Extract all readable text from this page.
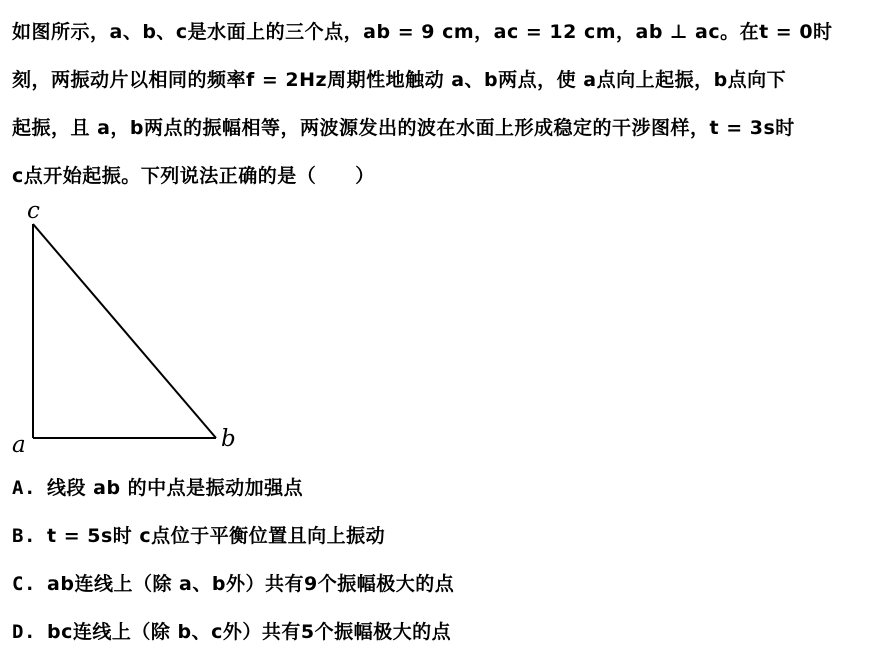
如图所示，a、b、c是水面上的三个点，ab = 9 cm，ac = 12 cm，ab ⊥ ac。在t = 0时
刻，两振动片以相同的频率f = 2Hz周期性地触动 a、b两点，使 a点向上起振，b点向下
起振，且 a，b两点的振幅相等，两波源发出的波在水面上形成稳定的干涉图样，t = 3s时
c点开始起振。下列说法正确的是（　　）
c
a	b
A. 线段 ab 的中点是振动加强点
B. t = 5s时 c点位于平衡位置且向上振动
C. ab连线上（除 a、b外）共有9个振幅极大的点
D. bc连线上（除 b、c外）共有5个振幅极大的点
